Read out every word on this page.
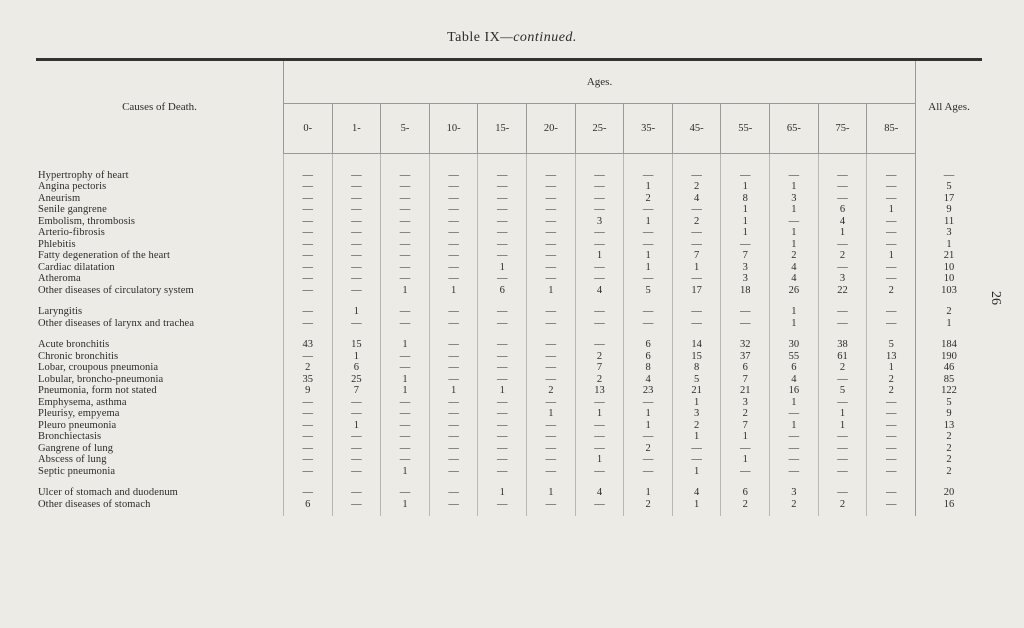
Table IX—continued.
26
Causes of Death.	Ages.													All Ages.
	0-	1-	5-	10-	15-	20-	25-	35-	45-	55-	65-	75-	85-	

Hypertrophy of heart	—	—	—	—	—	—	—	—	—	—	—	—	—	—
Angina pectoris	—	—	—	—	—	—	—	1	2	1	1	—	—	5
Aneurism	—	—	—	—	—	—	—	2	4	8	3	—	—	17
Senile gangrene	—	—	—	—	—	—	—	—	—	1	1	6	1	9
Embolism, thrombosis	—	—	—	—	—	—	3	1	2	1	—	4	—	11
Arterio-fibrosis	—	—	—	—	—	—	—	—	—	1	1	1	—	3
Phlebitis	—	—	—	—	—	—	—	—	—	—	1	—	—	1
Fatty degeneration of the heart	—	—	—	—	—	—	1	1	7	7	2	2	1	21
Cardiac dilatation	—	—	—	—	1	—	—	1	1	3	4	—	—	10
Atheroma	—	—	—	—	—	—	—	—	—	3	4	3	—	10
Other diseases of circulatory system	—	—	1	1	6	1	4	5	17	18	26	22	2	103

Laryngitis	—	1	—	—	—	—	—	—	—	—	1	—	—	2
Other diseases of larynx and trachea	—	—	—	—	—	—	—	—	—	—	1	—	—	1

Acute bronchitis	43	15	1	—	—	—	—	6	14	32	30	38	5	184
Chronic bronchitis	—	1	—	—	—	—	2	6	15	37	55	61	13	190
Lobar, croupous pneumonia	2	6	—	—	—	—	7	8	8	6	6	2	1	46
Lobular, broncho-pneumonia	35	25	1	—	—	—	2	4	5	7	4	—	2	85
Pneumonia, form not stated	9	7	1	1	1	2	13	23	21	21	16	5	2	122
Emphysema, asthma	—	—	—	—	—	—	—	—	1	3	1	—	—	5
Pleurisy, empyema	—	—	—	—	—	1	1	1	3	2	—	1	—	9
Pleuro pneumonia	—	1	—	—	—	—	—	1	2	7	1	1	—	13
Bronchiectasis	—	—	—	—	—	—	—	—	1	1	—	—	—	2
Gangrene of lung	—	—	—	—	—	—	—	2	—	—	—	—	—	2
Abscess of lung	—	—	—	—	—	—	1	—	—	1	—	—	—	2
Septic pneumonia	—	—	1	—	—	—	—	—	1	—	—	—	—	2

Ulcer of stomach and duodenum	—	—	—	—	1	1	4	1	4	6	3	—	—	20
Other diseases of stomach	6	—	1	—	—	—	—	2	1	2	2	2	—	16
